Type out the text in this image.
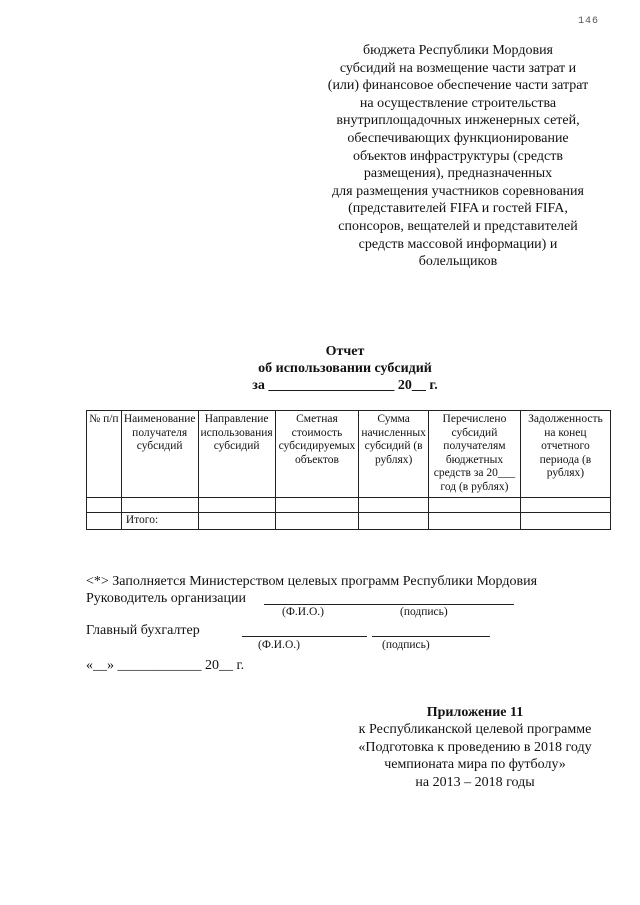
146
бюджета Республики Мордовия
субсидий на возмещение части затрат и
(или) финансовое обеспечение части затрат
на осуществление строительства
внутриплощадочных инженерных сетей,
обеспечивающих функционирование
объектов инфраструктуры (средств
размещения), предназначенных
для размещения участников соревнования
(представителей FIFA и гостей FIFA,
спонсоров, вещателей и представителей
средств массовой информации) и
болельщиков
Отчет
об использовании субсидий
за __________________ 20__ г.
№ п/п	Наименование получателя субсидий	Направление использования субсидий	Сметная стоимость субсидируемых объектов	Сумма начисленных субсидий (в рублях)	Перечислено субсидий получателям бюджетных средств за 20___ год (в рублях)	Задолженность на конец отчетного периода (в рублях)

	Итого:					
<*> Заполняется Министерством целевых программ Республики Мордовия
Руководитель организации
(Ф.И.О.)	(подпись)
Главный бухгалтер
(Ф.И.О.)	(подпись)
«__» ____________ 20__ г.
Приложение 11
к Республиканской целевой программе
«Подготовка к проведению в 2018 году
чемпионата мира по футболу»
на 2013 – 2018 годы
